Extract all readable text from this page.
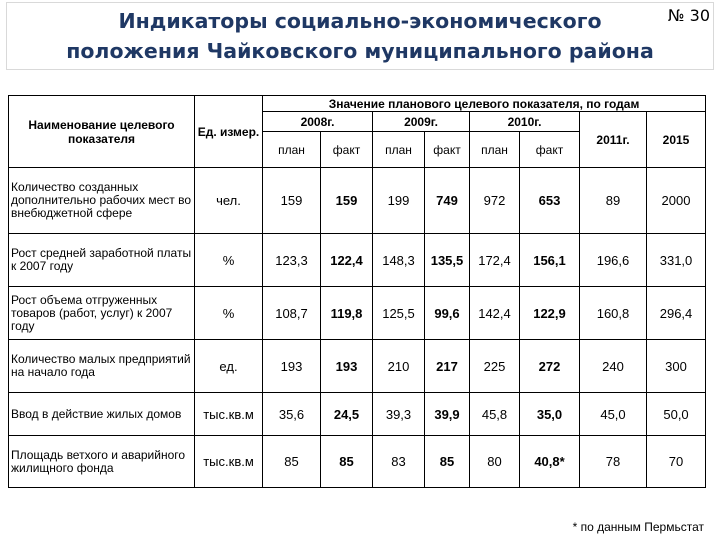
№ 30
Индикаторы социально-экономического
положения Чайковского муниципального района
Наименование целевого показателя	Ед. измер.	Значение планового целевого показателя, по годам							
		2008г.		2009г.		2010г.		2011г.	2015
		план	факт	план	факт	план	факт		
Количество созданных дополнительно рабочих мест во внебюджетной сфере	чел.	159	159	199	749	972	653	89	2000
Рост средней заработной платы к 2007 году	%	123,3	122,4	148,3	135,5	172,4	156,1	196,6	331,0
Рост объема отгруженных товаров (работ, услуг) к 2007 году	%	108,7	119,8	125,5	99,6	142,4	122,9	160,8	296,4
Количество малых предприятий на начало года	ед.	193	193	210	217	225	272	240	300
Ввод в действие жилых домов	тыс.кв.м	35,6	24,5	39,3	39,9	45,8	35,0	45,0	50,0
Площадь ветхого и аварийного жилищного фонда	тыс.кв.м	85	85	83	85	80	40,8*	78	70
* по данным Пермьстат
